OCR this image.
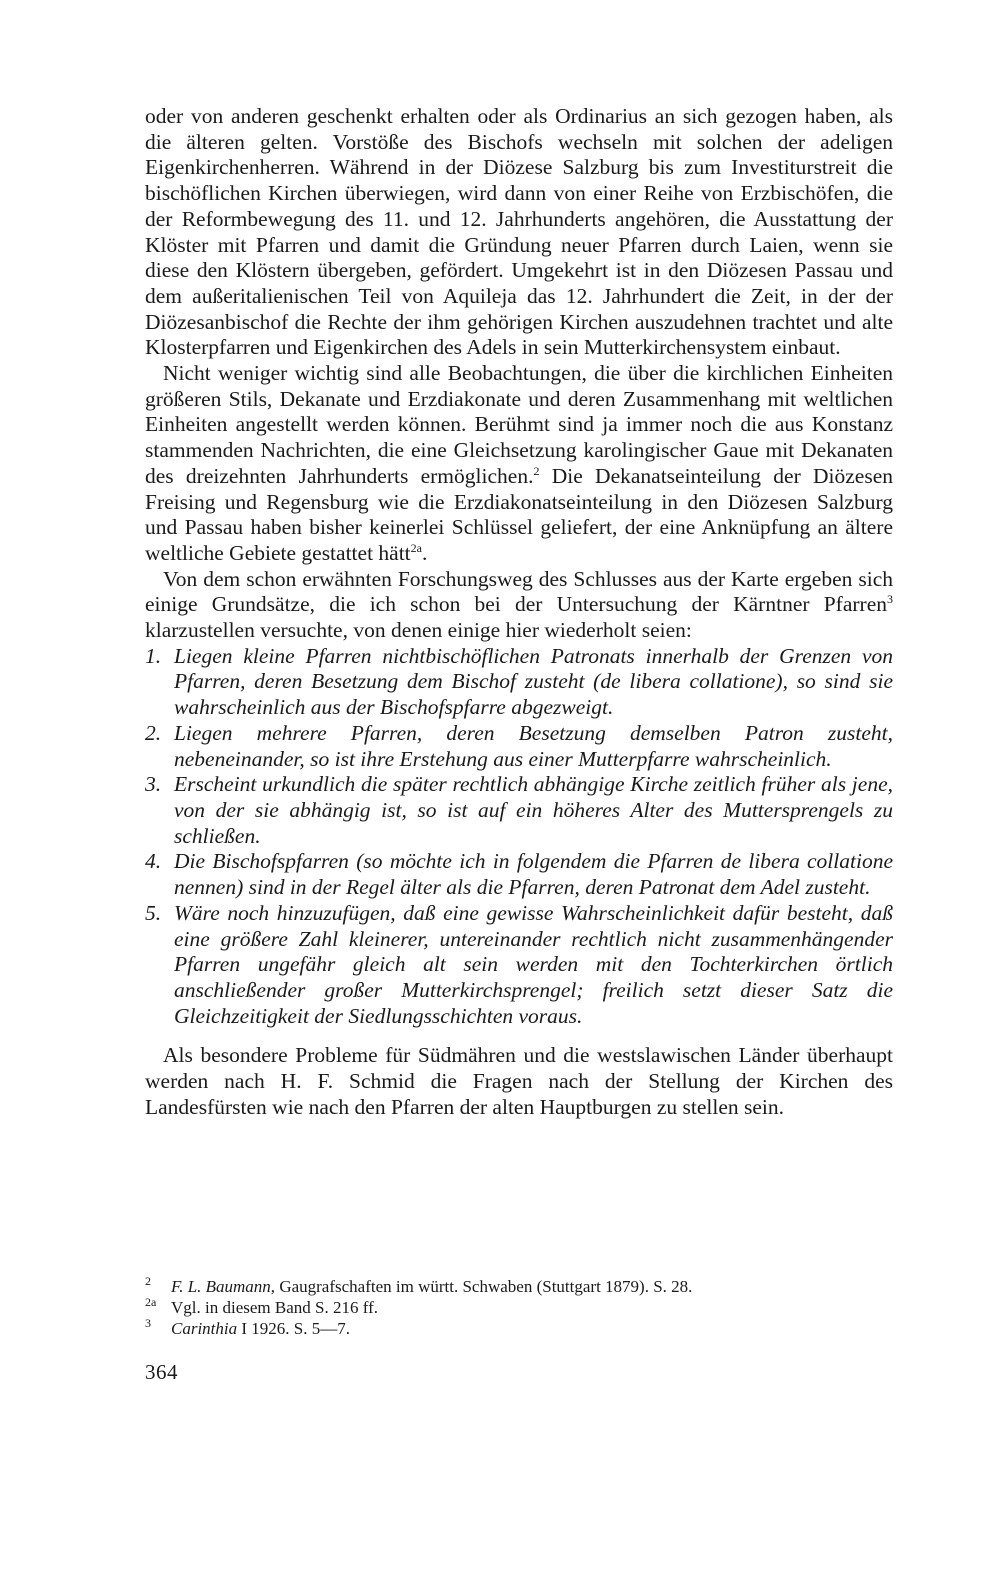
oder von anderen geschenkt erhalten oder als Ordinarius an sich gezogen haben, als die älteren gelten. Vorstöße des Bischofs wechseln mit solchen der adeligen Eigenkirchenherren. Während in der Diözese Salzburg bis zum Investiturstreit die bischöflichen Kirchen überwiegen, wird dann von einer Reihe von Erzbischöfen, die der Reformbewegung des 11. und 12. Jahrhunderts angehören, die Ausstattung der Klöster mit Pfarren und damit die Gründung neuer Pfarren durch Laien, wenn sie diese den Klöstern übergeben, gefördert. Umgekehrt ist in den Diözesen Passau und dem außeritalienischen Teil von Aquileja das 12. Jahrhundert die Zeit, in der der Diözesanbischof die Rechte der ihm gehörigen Kirchen auszudehnen trachtet und alte Klosterpfarren und Eigenkirchen des Adels in sein Mutterkirchensystem einbaut.

Nicht weniger wichtig sind alle Beobachtungen, die über die kirchlichen Einheiten größeren Stils, Dekanate und Erzdiakonate und deren Zusammenhang mit weltlichen Einheiten angestellt werden können. Berühmt sind ja immer noch die aus Konstanz stammenden Nachrichten, die eine Gleichsetzung karolingischer Gaue mit Dekanaten des dreizehnten Jahrhunderts ermöglichen.$^2$ Die Dekanatseinteilung der Diözesen Freising und Regensburg wie die Erzdiakonatseinteilung in den Diözesen Salzburg und Passau haben bisher keinerlei Schlüssel geliefert, der eine Anknüpfung an ältere weltliche Gebiete gestattet hätt$^{2a}$.

Von dem schon erwähnten Forschungsweg des Schlusses aus der Karte ergeben sich einige Grundsätze, die ich schon bei der Untersuchung der Kärntner Pfarren$^3$ klarzustellen versuchte, von denen einige hier wiederholt seien:

1. Liegen kleine Pfarren nichtbischöflichen Patronats innerhalb der Grenzen von Pfarren, deren Besetzung dem Bischof zusteht (de libera collatione), so sind sie wahrscheinlich aus der Bischofspfarre abgezweigt.
2. Liegen mehrere Pfarren, deren Besetzung demselben Patron zusteht, nebeneinander, so ist ihre Erstehung aus einer Mutterpfarre wahrscheinlich.
3. Erscheint urkundlich die später rechtlich abhängige Kirche zeitlich früher als jene, von der sie abhängig ist, so ist auf ein höheres Alter des Muttersprengels zu schließen.
4. Die Bischofspfarren (so möchte ich in folgendem die Pfarren de libera collatione nennen) sind in der Regel älter als die Pfarren, deren Patronat dem Adel zusteht.
5. Wäre noch hinzuzufügen, daß eine gewisse Wahrscheinlichkeit dafür besteht, daß eine größere Zahl kleinerer, untereinander rechtlich nicht zusammenhängender Pfarren ungefähr gleich alt sein werden mit den Tochterkirchen örtlich anschließender großer Mutterkirchsprengel; freilich setzt dieser Satz die Gleichzeitigkeit der Siedlungsschichten voraus.

Als besondere Probleme für Südmähren und die westslawischen Länder überhaupt werden nach H. F. Schmid die Fragen nach der Stellung der Kirchen des Landesfürsten wie nach den Pfarren der alten Hauptburgen zu stellen sein.

2 F. L. Baumann, Gaugrafschaften im württ. Schwaben (Stuttgart 1879). S. 28.

2a Vgl. in diesem Band S. 216 ff.

3 Carinthia I 1926. S. 5—7.

364
